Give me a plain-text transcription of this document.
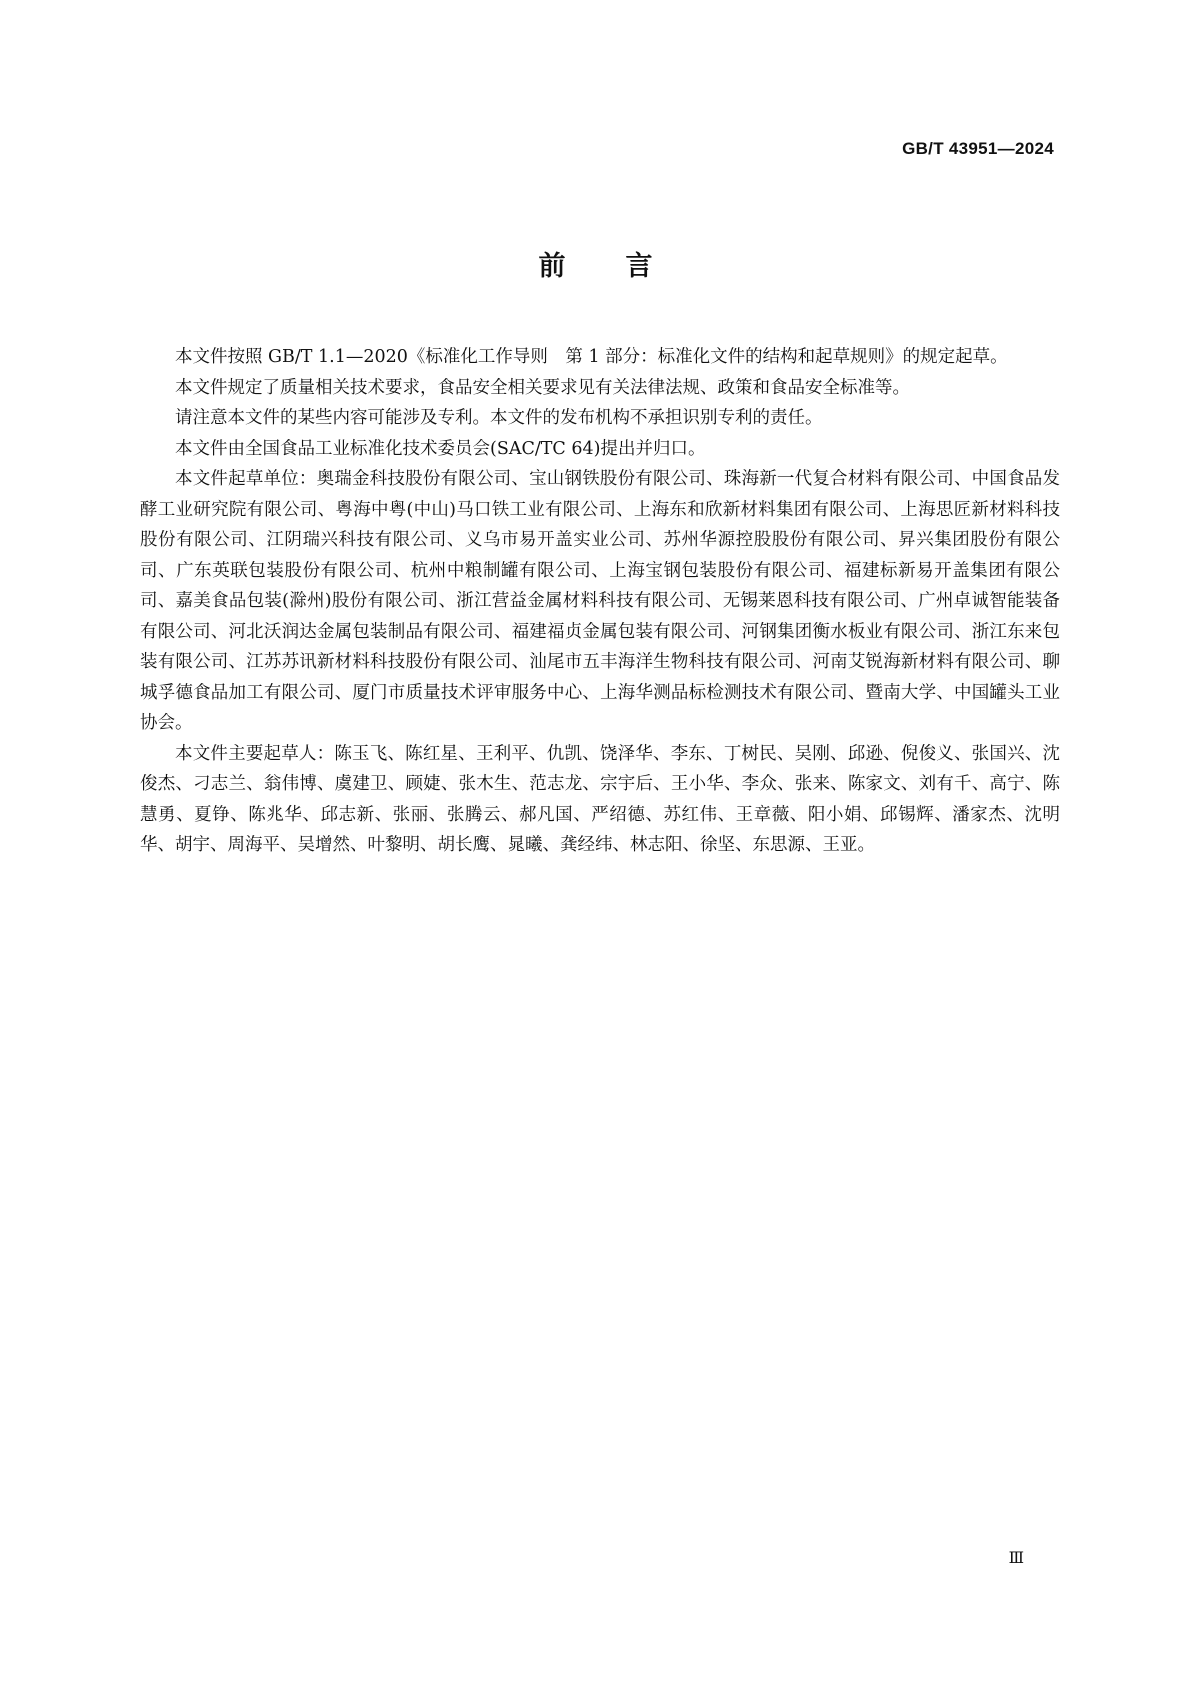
GB/T 43951—2024
前言

本文件按照 GB/T 1.1—2020《标准化工作导则　第 1 部分：标准化文件的结构和起草规则》的规定起草。

本文件规定了质量相关技术要求，食品安全相关要求见有关法律法规、政策和食品安全标准等。

请注意本文件的某些内容可能涉及专利。本文件的发布机构不承担识别专利的责任。

本文件由全国食品工业标准化技术委员会(SAC/TC 64)提出并归口。

本文件起草单位：奥瑞金科技股份有限公司、宝山钢铁股份有限公司、珠海新一代复合材料有限公司、中国食品发酵工业研究院有限公司、粤海中粤(中山)马口铁工业有限公司、上海东和欣新材料集团有限公司、上海思匠新材料科技股份有限公司、江阴瑞兴科技有限公司、义乌市易开盖实业公司、苏州华源控股股份有限公司、昇兴集团股份有限公司、广东英联包装股份有限公司、杭州中粮制罐有限公司、上海宝钢包装股份有限公司、福建标新易开盖集团有限公司、嘉美食品包装(滁州)股份有限公司、浙江营益金属材料科技有限公司、无锡莱恩科技有限公司、广州卓诚智能装备有限公司、河北沃润达金属包装制品有限公司、福建福贞金属包装有限公司、河钢集团衡水板业有限公司、浙江东来包装有限公司、江苏苏讯新材料科技股份有限公司、汕尾市五丰海洋生物科技有限公司、河南艾锐海新材料有限公司、聊城孚德食品加工有限公司、厦门市质量技术评审服务中心、上海华测品标检测技术有限公司、暨南大学、中国罐头工业协会。

本文件主要起草人：陈玉飞、陈红星、王利平、仇凯、饶泽华、李东、丁树民、吴刚、邱逊、倪俊义、张国兴、沈俊杰、刁志兰、翁伟博、虞建卫、顾婕、张木生、范志龙、宗宇后、王小华、李众、张来、陈家文、刘有千、高宁、陈慧勇、夏铮、陈兆华、邱志新、张丽、张腾云、郝凡国、严绍德、苏红伟、王章薇、阳小娟、邱锡辉、潘家杰、沈明华、胡宇、周海平、吴增然、叶黎明、胡长鹰、晁曦、龚经纬、林志阳、徐坚、东思源、王亚。

Ⅲ
